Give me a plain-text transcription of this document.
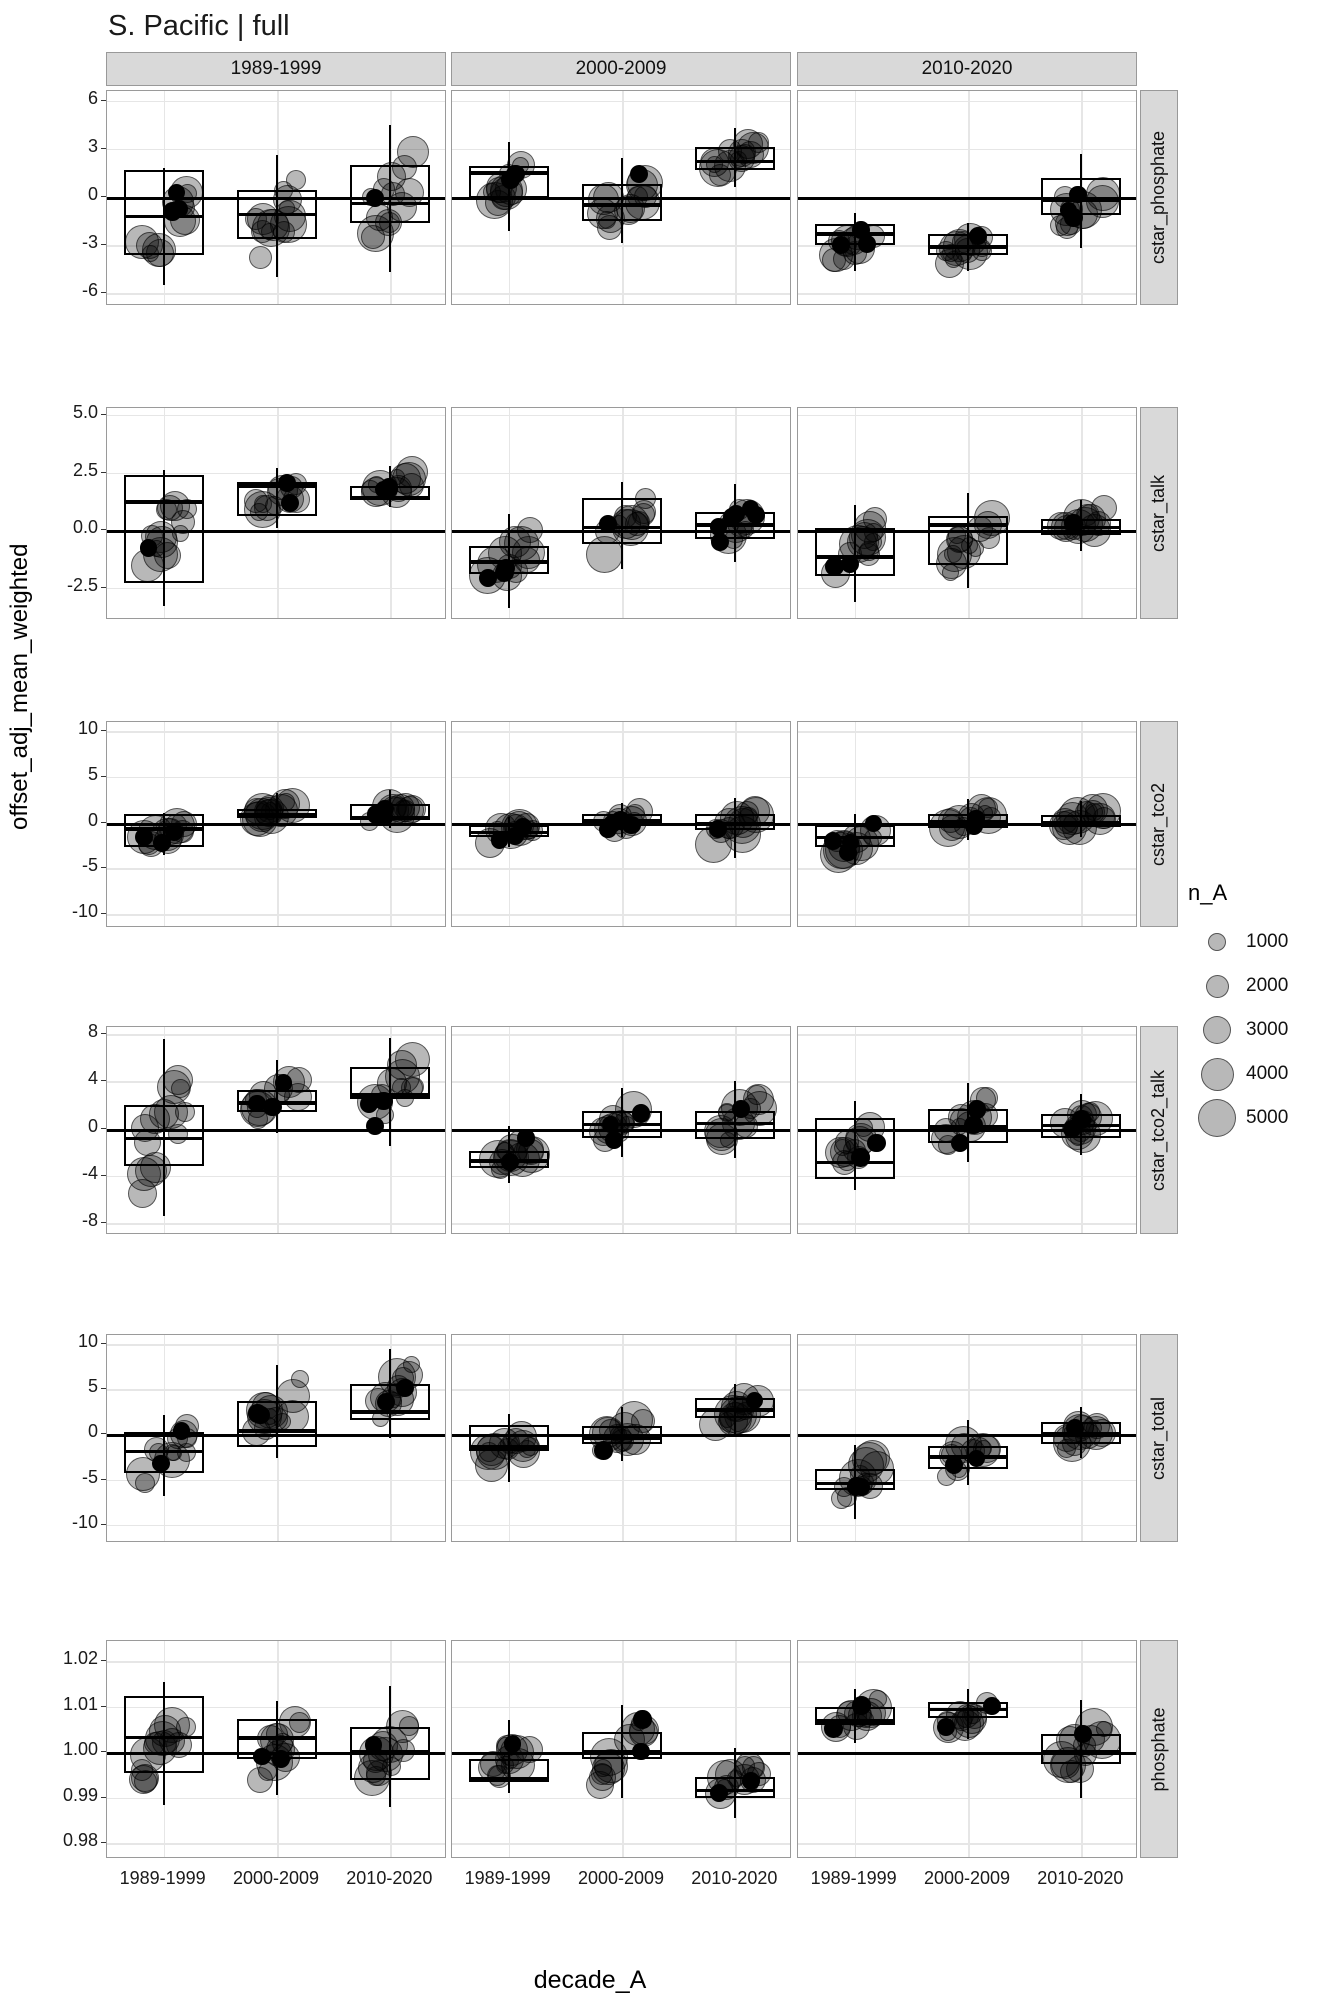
S. Pacific | full
offset_adj_mean_weighted
decade_A
1989-1999	2000-2009	2010-2020
cstar_phosphate
-6
-3
0
3
6
cstar_talk
-2.5
0.0
2.5
5.0
cstar_tco2
-10
-5
0
5
10
cstar_tco2_talk
-8
-4
0
4
8
cstar_total
-10
-5
0
5
10
phosphate
0.98
0.99
1.00
1.01
1.02
1989-1999	2000-2009	2010-2020	1989-1999	2000-2009	2010-2020	1989-1999	2000-2009	2010-2020
n_A
1000
2000
3000
4000
5000
